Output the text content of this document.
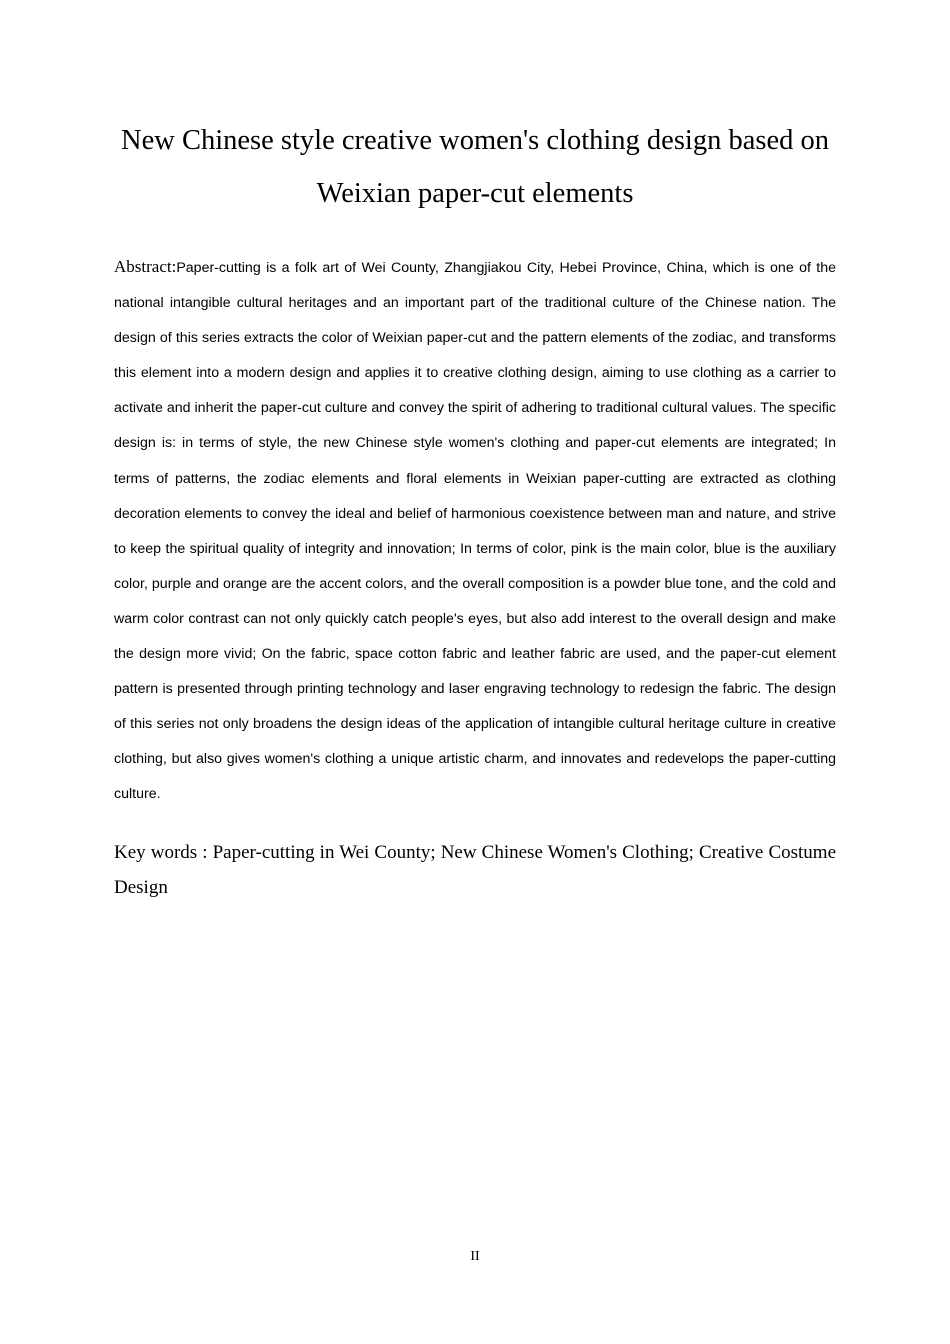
New Chinese style creative women's clothing design based on
Weixian paper-cut elements

Abstract:Paper-cutting is a folk art of Wei County, Zhangjiakou City, Hebei Province, China, which is one of the national intangible cultural heritages and an important part of the traditional culture of the Chinese nation. The design of this series extracts the color of Weixian paper-cut and the pattern elements of the zodiac, and transforms this element into a modern design and applies it to creative clothing design, aiming to use clothing as a carrier to activate and inherit the paper-cut culture and convey the spirit of adhering to traditional cultural values. The specific design is: in terms of style, the new Chinese style women's clothing and paper-cut elements are integrated; In terms of patterns, the zodiac elements and floral elements in Weixian paper-cutting are extracted as clothing decoration elements to convey the ideal and belief of harmonious coexistence between man and nature, and strive to keep the spiritual quality of integrity and innovation; In terms of color, pink is the main color, blue is the auxiliary color, purple and orange are the accent colors, and the overall composition is a powder blue tone, and the cold and warm color contrast can not only quickly catch people's eyes, but also add interest to the overall design and make the design more vivid; On the fabric, space cotton fabric and leather fabric are used, and the paper-cut element pattern is presented through printing technology and laser engraving technology to redesign the fabric. The design of this series not only broadens the design ideas of the application of intangible cultural heritage culture in creative clothing, but also gives women's clothing a unique artistic charm, and innovates and redevelops the paper-cutting culture.

Key words : Paper-cutting in Wei County; New Chinese Women's Clothing; Creative Costume Design

II
